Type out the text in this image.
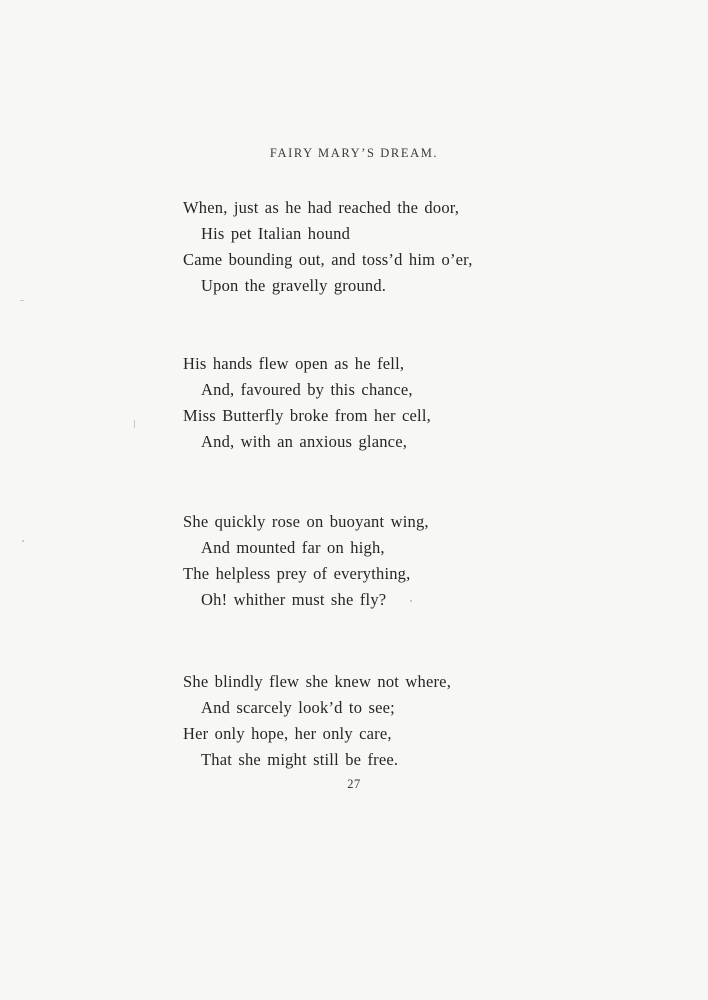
FAIRY MARY’S DREAM.
When, just as he had reached the door,
His pet Italian hound
Came bounding out, and toss’d him o’er,
Upon the gravelly ground.
His hands flew open as he fell,
And, favoured by this chance,
Miss Butterfly broke from her cell,
And, with an anxious glance,
She quickly rose on buoyant wing,
And mounted far on high,
The helpless prey of everything,
Oh! whither must she fly?
She blindly flew she knew not where,
And scarcely look’d to see;
Her only hope, her only care,
That she might still be free.
27
